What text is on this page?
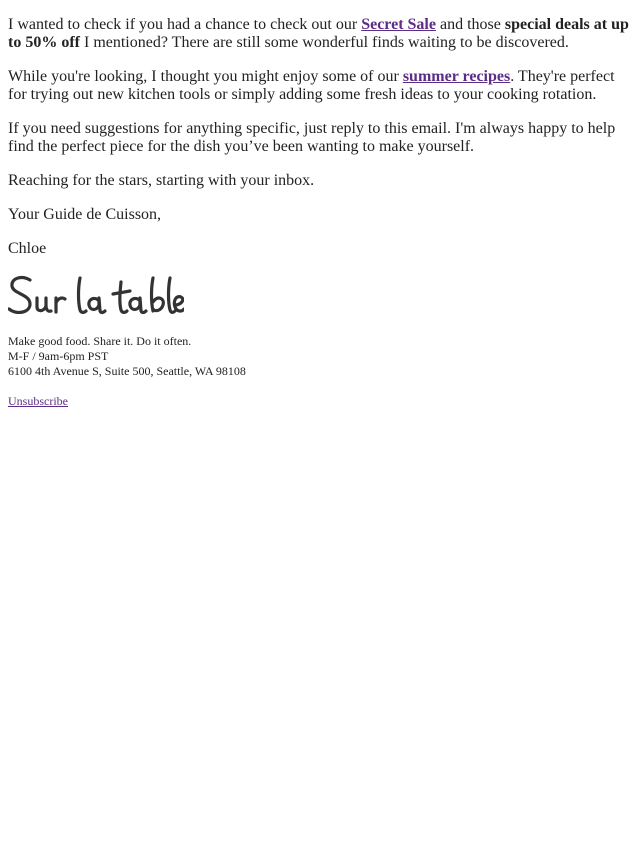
I wanted to check if you had a chance to check out our Secret Sale and those special deals at up to 50% off I mentioned? There are still some wonderful finds waiting to be discovered.

While you're looking, I thought you might enjoy some of our summer recipes. They're perfect for trying out new kitchen tools or simply adding some fresh ideas to your cooking rotation.

If you need suggestions for anything specific, just reply to this email. I'm always happy to help find the perfect piece for the dish you’ve been wanting to make yourself.

Reaching for the stars, starting with your inbox.

Your Guide de Cuisson,

Chloe

Make good food. Share it. Do it often.
M-F / 9am-6pm PST
6100 4th Avenue S, Suite 500, Seattle, WA 98108
Unsubscribe
